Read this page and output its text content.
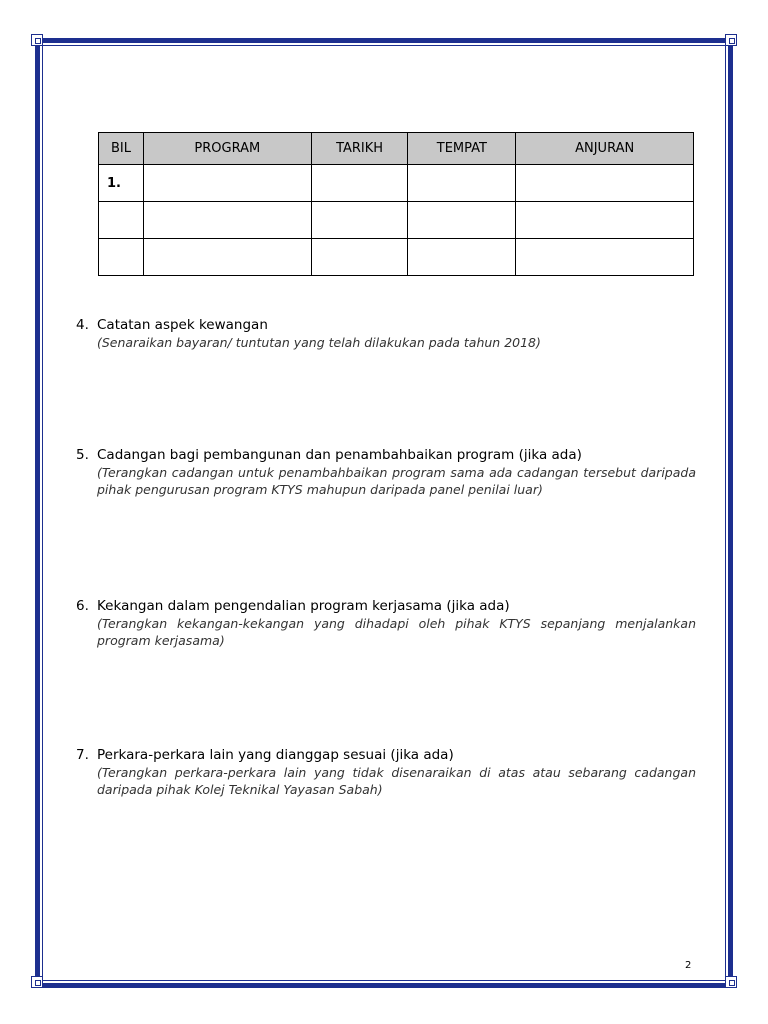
BIL	PROGRAM	TARIKH	TEMPAT	ANJURAN
1.				

4. Catatan aspek kewangan
(Senaraikan bayaran/ tuntutan yang telah dilakukan pada tahun 2018)
5. Cadangan bagi pembangunan dan penambahbaikan program (jika ada)
(Terangkan cadangan untuk penambahbaikan program sama ada cadangan tersebut daripada pihak pengurusan program KTYS mahupun daripada panel penilai luar)
6. Kekangan dalam pengendalian program kerjasama (jika ada)
(Terangkan kekangan-kekangan yang dihadapi oleh pihak KTYS sepanjang menjalankan program kerjasama)
7. Perkara-perkara lain yang dianggap sesuai (jika ada)
(Terangkan perkara-perkara lain yang tidak disenaraikan di atas atau sebarang cadangan daripada pihak Kolej Teknikal Yayasan Sabah)
2
